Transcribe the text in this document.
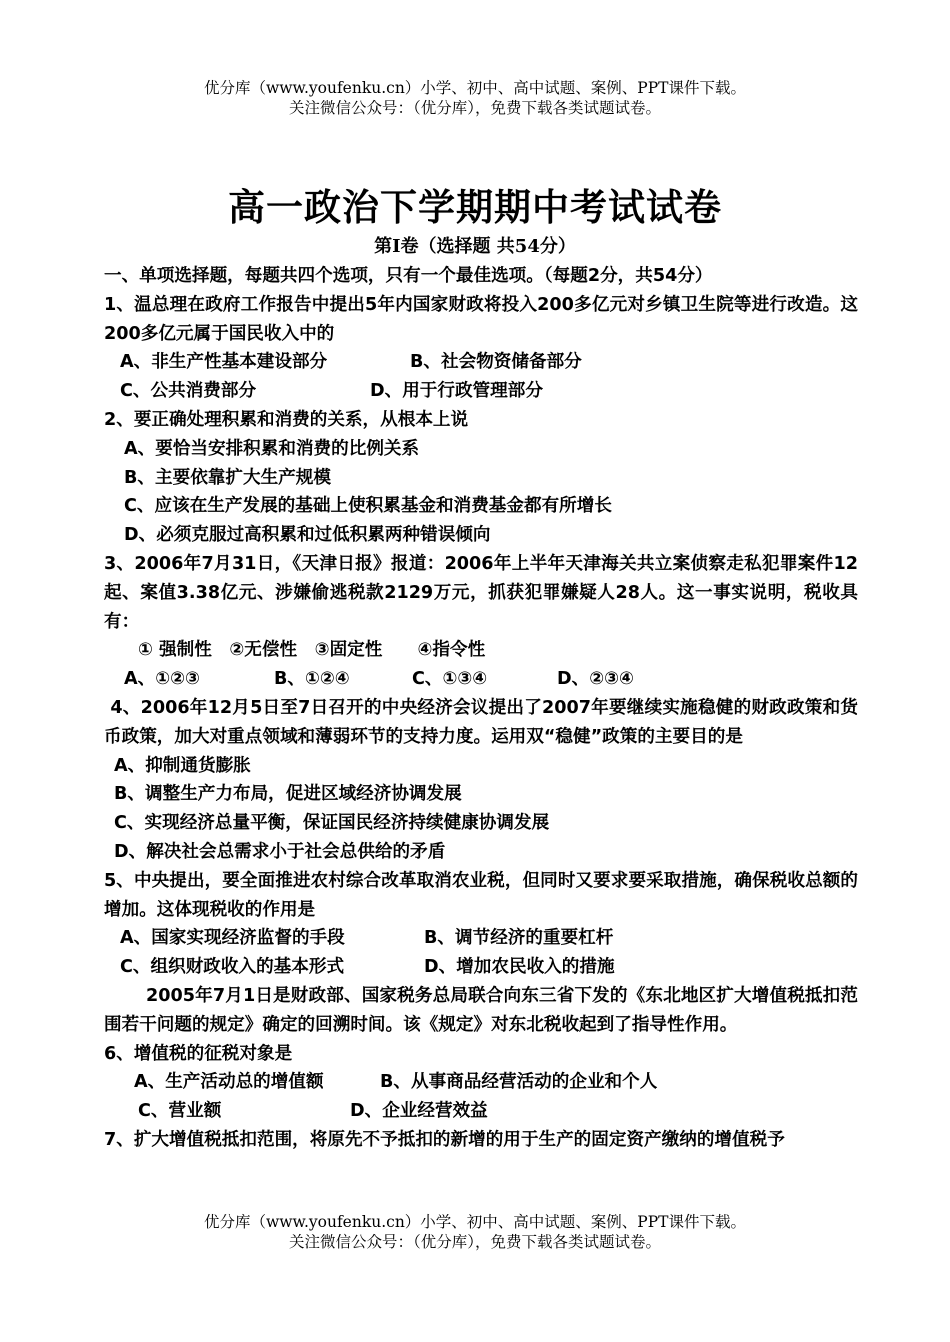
优分库（www.youfenku.cn）小学、初中、高中试题、案例、PPT课件下载。
关注微信公众号：（优分库），免费下载各类试题试卷。
高一政治下学期期中考试试卷
第Ⅰ卷（选择题 共54分）

一、单项选择题，每题共四个选项，只有一个最佳选项。（每题2分，共54分）

1、温总理在政府工作报告中提出5年内国家财政将投入200多亿元对乡镇卫生院等进行改造。这200多亿元属于国民收入中的

A、非生产性基本建设部分	B、社会物资储备部分
C、公共消费部分	D、用于行政管理部分

2、要正确处理积累和消费的关系，从根本上说

A、要恰当安排积累和消费的比例关系

B、主要依靠扩大生产规模

C、应该在生产发展的基础上使积累基金和消费基金都有所增长

D、必须克服过高积累和过低积累两种错误倾向

3、2006年7月31日，《天津日报》报道：2006年上半年天津海关共立案侦察走私犯罪案件12起、案值3.38亿元、涉嫌偷逃税款2129万元，抓获犯罪嫌疑人28人。这一事实说明，税收具有：

① 强制性　②无偿性　③固定性　　④指令性

A、①②③	B、①②④	C、①③④	D、②③④

4、2006年12月5日至7日召开的中央经济会议提出了2007年要继续实施稳健的财政政策和货币政策，加大对重点领域和薄弱环节的支持力度。运用双“稳健”政策的主要目的是

A、抑制通货膨胀

B、调整生产力布局，促进区域经济协调发展

C、实现经济总量平衡，保证国民经济持续健康协调发展

D、解决社会总需求小于社会总供给的矛盾

5、中央提出，要全面推进农村综合改革取消农业税，但同时又要求要采取措施，确保税收总额的增加。这体现税收的作用是

A、国家实现经济监督的手段	B、调节经济的重要杠杆
C、组织财政收入的基本形式	D、增加农民收入的措施

2005年7月1日是财政部、国家税务总局联合向东三省下发的《东北地区扩大增值税抵扣范围若干问题的规定》确定的回溯时间。该《规定》对东北税收起到了指导性作用。

6、增值税的征税对象是

A、生产活动总的增值额	B、从事商品经营活动的企业和个人
C、营业额	D、企业经营效益

7、扩大增值税抵扣范围，将原先不予抵扣的新增的用于生产的固定资产缴纳的增值税予

优分库（www.youfenku.cn）小学、初中、高中试题、案例、PPT课件下载。
关注微信公众号：（优分库），免费下载各类试题试卷。
